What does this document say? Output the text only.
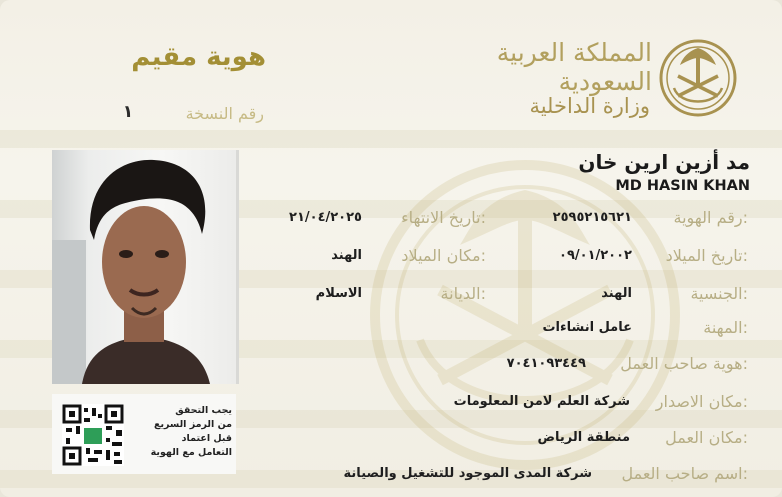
المملكة العربية السعودية
وزارة الداخلية
هوية مقيم
رقم النسخة
١
يجب التحقق
من الرمز السريع
قبل اعتماد
التعامل مع الهوية
مد أزين ارين خان
MD HASIN KHAN
رقم الهوية:
٢٥٩٥٢١٥٦٢١
تاريخ الميلاد:
٠٩/٠١/٢٠٠٢
الجنسية:
الهند
المهنة:
عامل انشاءات
هوية صاحب العمل:
٧٠٤١٠٩٣٤٤٩
مكان الاصدار:
شركة العلم لامن المعلومات
مكان العمل:
منطقة الرياض
اسم صاحب العمل:
شركة المدى الموجود للتشغيل والصيانة
تاريخ الانتهاء:
٢١/٠٤/٢٠٢٥
مكان الميلاد:
الهند
الديانة:
الاسلام
